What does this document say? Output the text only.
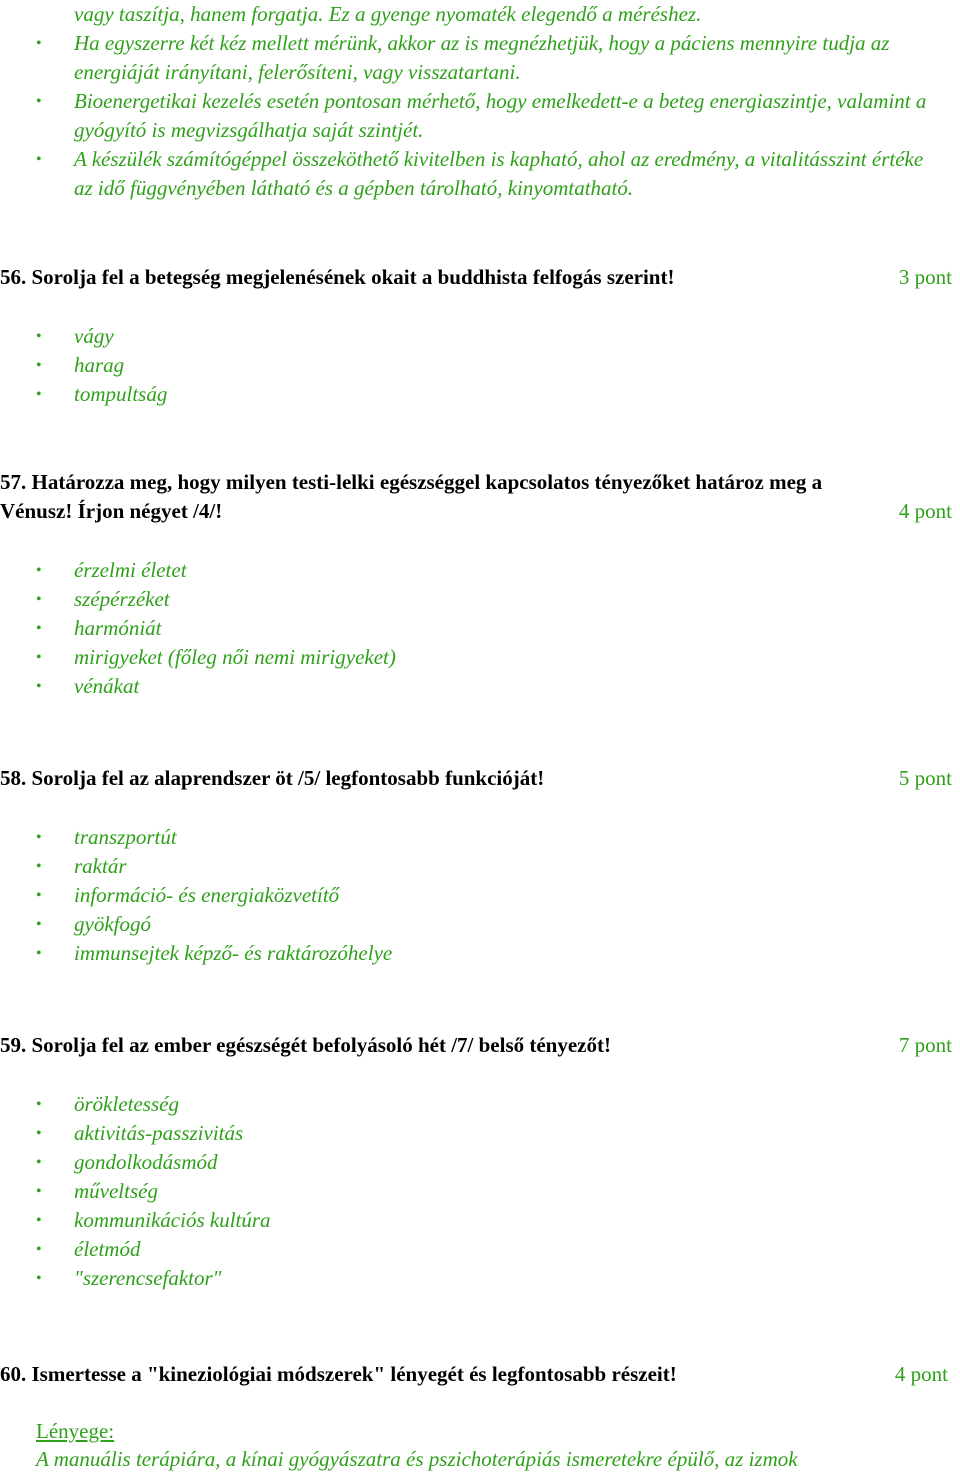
vagy taszítja, hanem forgatja. Ez a gyenge nyomaték elegendő a méréshez.
• Ha egyszerre két kéz mellett mérünk, akkor az is megnézhetjük, hogy a páciens mennyire tudja az energiáját irányítani, felerősíteni, vagy visszatartani.
• Bioenergetikai kezelés esetén pontosan mérhető, hogy emelkedett-e a beteg energiaszintje, valamint a gyógyító is megvizsgálhatja saját szintjét.
• A készülék számítógéppel összeköthető kivitelben is kapható, ahol az eredmény, a vitalitásszint értéke az idő függvényében látható és a gépben tárolható, kinyomtatható.
56. Sorolja fel a betegség megjelenésének okait a buddhista felfogás szerint!	3 pont
• vágy
• harag
• tompultság
57. Határozza meg, hogy milyen testi-lelki egészséggel kapcsolatos tényezőket határoz meg a Vénusz! Írjon négyet /4/!	4 pont
• érzelmi életet
• szépérzéket
• harmóniát
• mirigyeket (főleg női nemi mirigyeket)
• vénákat
58. Sorolja fel az alaprendszer öt /5/ legfontosabb funkcióját!	5 pont
• transzportút
• raktár
• információ- és energiaközvetítő
• gyökfogó
• immunsejtek képző- és raktározóhelye
59. Sorolja fel az ember egészségét befolyásoló hét /7/ belső tényezőt!	7 pont
• örökletesség
• aktivitás-passzivitás
• gondolkodásmód
• műveltség
• kommunikációs kultúra
• életmód
• "szerencsefaktor"
60. Ismertesse a "kineziológiai módszerek" lényegét és legfontosabb részeit!	4 pont
Lényege:
A manuális terápiára, a kínai gyógyászatra és pszichoterápiás ismeretekre épülő, az izmok
